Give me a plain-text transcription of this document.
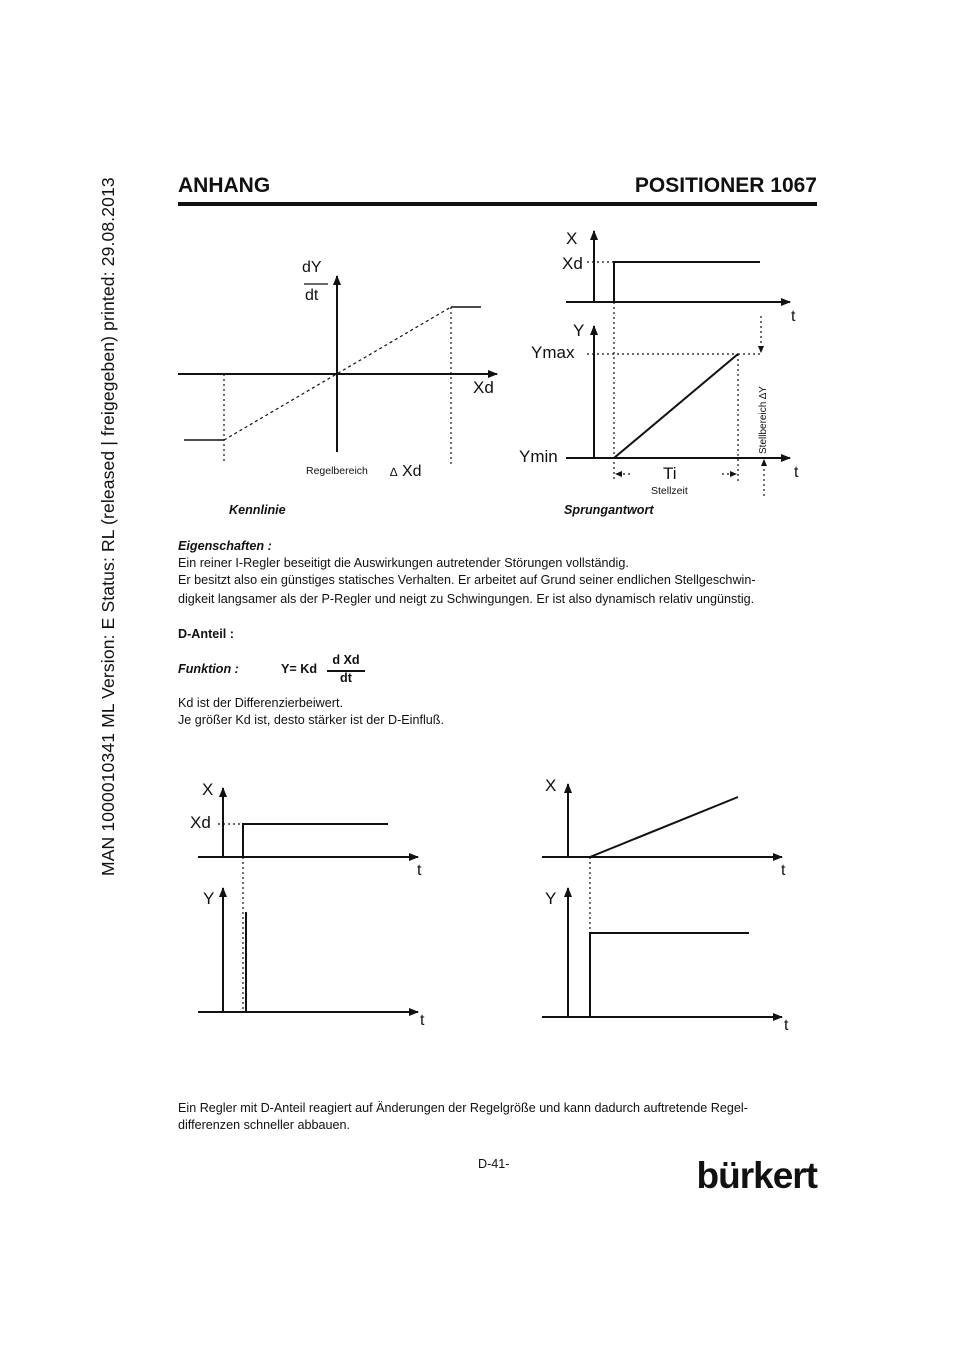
MAN 1000010341 ML Version: E Status: RL (released | freigegeben) printed: 29.08.2013	ANHANG	POSITIONER 1067
dY
dt
Xd
Regelbereich ∆ Xd
X
Xd
t
Y
Ymax
Ymin
Stellbereich ∆Y
Ti
Stellzeit
t
X
Xd
t
Y
t
X
t
Y
t
Kennlinie	Sprungantwort
Eigenschaften :
Ein reiner I-Regler beseitigt die Auswirkungen autretender Störungen vollständig.
Er besitzt also ein günstiges statisches Verhalten. Er arbeitet auf Grund seiner endlichen Stellgeschwin-
digkeit langsamer als der P-Regler und neigt zu Schwingungen. Er ist also dynamisch relativ ungünstig.
D-Anteil :
Funktion :	Y= Kd
d Xd
dt
Kd ist der Differenzierbeiwert.
Je größer Kd ist, desto stärker ist der D-Einfluß.
Ein Regler mit D-Anteil reagiert auf Änderungen der Regelgröße und kann dadurch auftretende Regel-
differenzen schneller abbauen.
D-41-	bürkert
